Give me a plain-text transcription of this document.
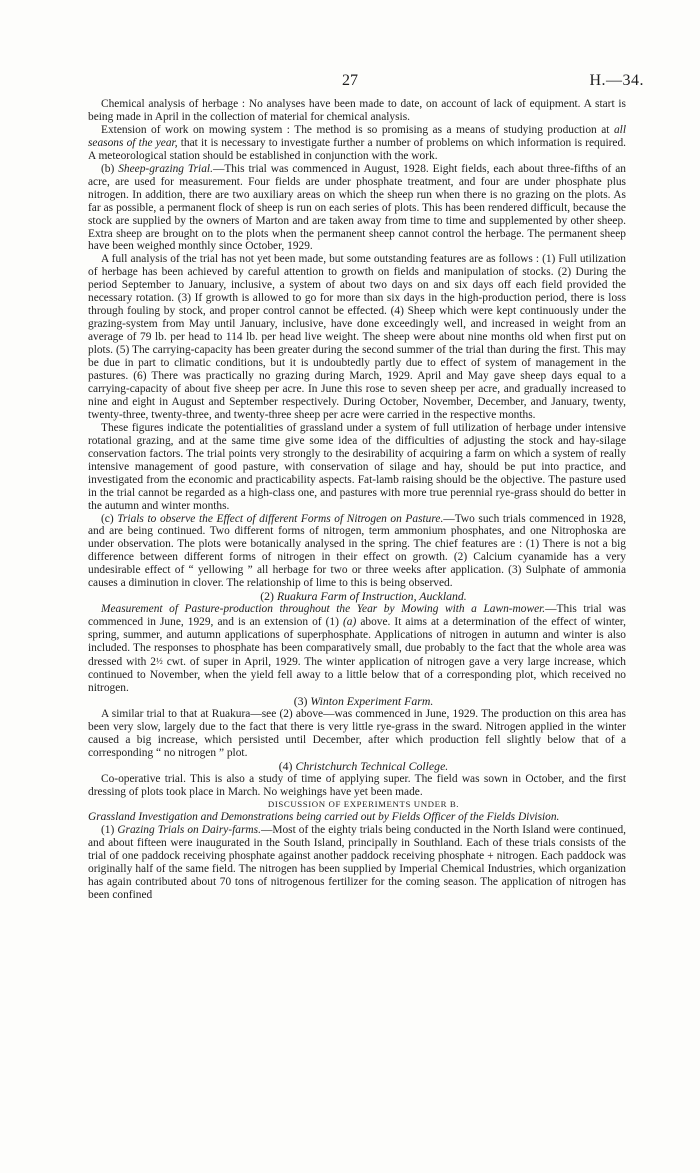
27	H.—34.

Chemical analysis of herbage : No analyses have been made to date, on account of lack of equipment. A start is being made in April in the collection of material for chemical analysis.

Extension of work on mowing system : The method is so promising as a means of studying production at all seasons of the year, that it is necessary to investigate further a number of problems on which information is required. A meteorological station should be established in conjunction with the work.

(b) Sheep-grazing Trial.—This trial was commenced in August, 1928. Eight fields, each about three-fifths of an acre, are used for measurement. Four fields are under phosphate treatment, and four are under phosphate plus nitrogen. In addition, there are two auxiliary areas on which the sheep run when there is no grazing on the plots. As far as possible, a permanent flock of sheep is run on each series of plots. This has been rendered difficult, because the stock are supplied by the owners of Marton and are taken away from time to time and supplemented by other sheep. Extra sheep are brought on to the plots when the permanent sheep cannot control the herbage. The permanent sheep have been weighed monthly since October, 1929.

A full analysis of the trial has not yet been made, but some outstanding features are as follows : (1) Full utilization of herbage has been achieved by careful attention to growth on fields and manipulation of stocks. (2) During the period September to January, inclusive, a system of about two days on and six days off each field provided the necessary rotation. (3) If growth is allowed to go for more than six days in the high-production period, there is loss through fouling by stock, and proper control cannot be effected. (4) Sheep which were kept continuously under the grazing-system from May until January, inclusive, have done exceedingly well, and increased in weight from an average of 79 lb. per head to 114 lb. per head live weight. The sheep were about nine months old when first put on plots. (5) The carrying-capacity has been greater during the second summer of the trial than during the first. This may be due in part to climatic conditions, but it is undoubtedly partly due to effect of system of management in the pastures. (6) There was practically no grazing during March, 1929. April and May gave sheep days equal to a carrying-capacity of about five sheep per acre. In June this rose to seven sheep per acre, and gradually increased to nine and eight in August and September respectively. During October, November, December, and January, twenty, twenty-three, twenty-three, and twenty-three sheep per acre were carried in the respective months.

These figures indicate the potentialities of grassland under a system of full utilization of herbage under intensive rotational grazing, and at the same time give some idea of the difficulties of adjusting the stock and hay-silage conservation factors. The trial points very strongly to the desirability of acquiring a farm on which a system of really intensive management of good pasture, with conservation of silage and hay, should be put into practice, and investigated from the economic and practicability aspects. Fat-lamb raising should be the objective. The pasture used in the trial cannot be regarded as a high-class one, and pastures with more true perennial rye-grass should do better in the autumn and winter months.

(c) Trials to observe the Effect of different Forms of Nitrogen on Pasture.—Two such trials commenced in 1928, and are being continued. Two different forms of nitrogen, term ammonium phosphates, and one Nitrophoska are under observation. The plots were botanically analysed in the spring. The chief features are : (1) There is not a big difference between different forms of nitrogen in their effect on growth. (2) Calcium cyanamide has a very undesirable effect of “ yellowing ” all herbage for two or three weeks after application. (3) Sulphate of ammonia causes a diminution in clover. The relationship of lime to this is being observed.

(2) Ruakura Farm of Instruction, Auckland.

Measurement of Pasture-production throughout the Year by Mowing with a Lawn-mower.—This trial was commenced in June, 1929, and is an extension of (1) (a) above. It aims at a determination of the effect of winter, spring, summer, and autumn applications of superphosphate. Applications of nitrogen in autumn and winter is also included. The responses to phosphate has been comparatively small, due probably to the fact that the whole area was dressed with 2½ cwt. of super in April, 1929. The winter application of nitrogen gave a very large increase, which continued to November, when the yield fell away to a little below that of a corresponding plot, which received no nitrogen.

(3) Winton Experiment Farm.

A similar trial to that at Ruakura—see (2) above—was commenced in June, 1929. The production on this area has been very slow, largely due to the fact that there is very little rye-grass in the sward. Nitrogen applied in the winter caused a big increase, which persisted until December, after which production fell slightly below that of a corresponding “ no nitrogen ” plot.

(4) Christchurch Technical College.

Co-operative trial. This is also a study of time of applying super. The field was sown in October, and the first dressing of plots took place in March. No weighings have yet been made.

DISCUSSION OF EXPERIMENTS UNDER B.

Grassland Investigation and Demonstrations being carried out by Fields Officer of the Fields Division.

(1) Grazing Trials on Dairy-farms.—Most of the eighty trials being conducted in the North Island were continued, and about fifteen were inaugurated in the South Island, principally in Southland. Each of these trials consists of the trial of one paddock receiving phosphate against another paddock receiving phosphate + nitrogen. Each paddock was originally half of the same field. The nitrogen has been supplied by Imperial Chemical Industries, which organization has again contributed about 70 tons of nitrogenous fertilizer for the coming season. The application of nitrogen has been confined
